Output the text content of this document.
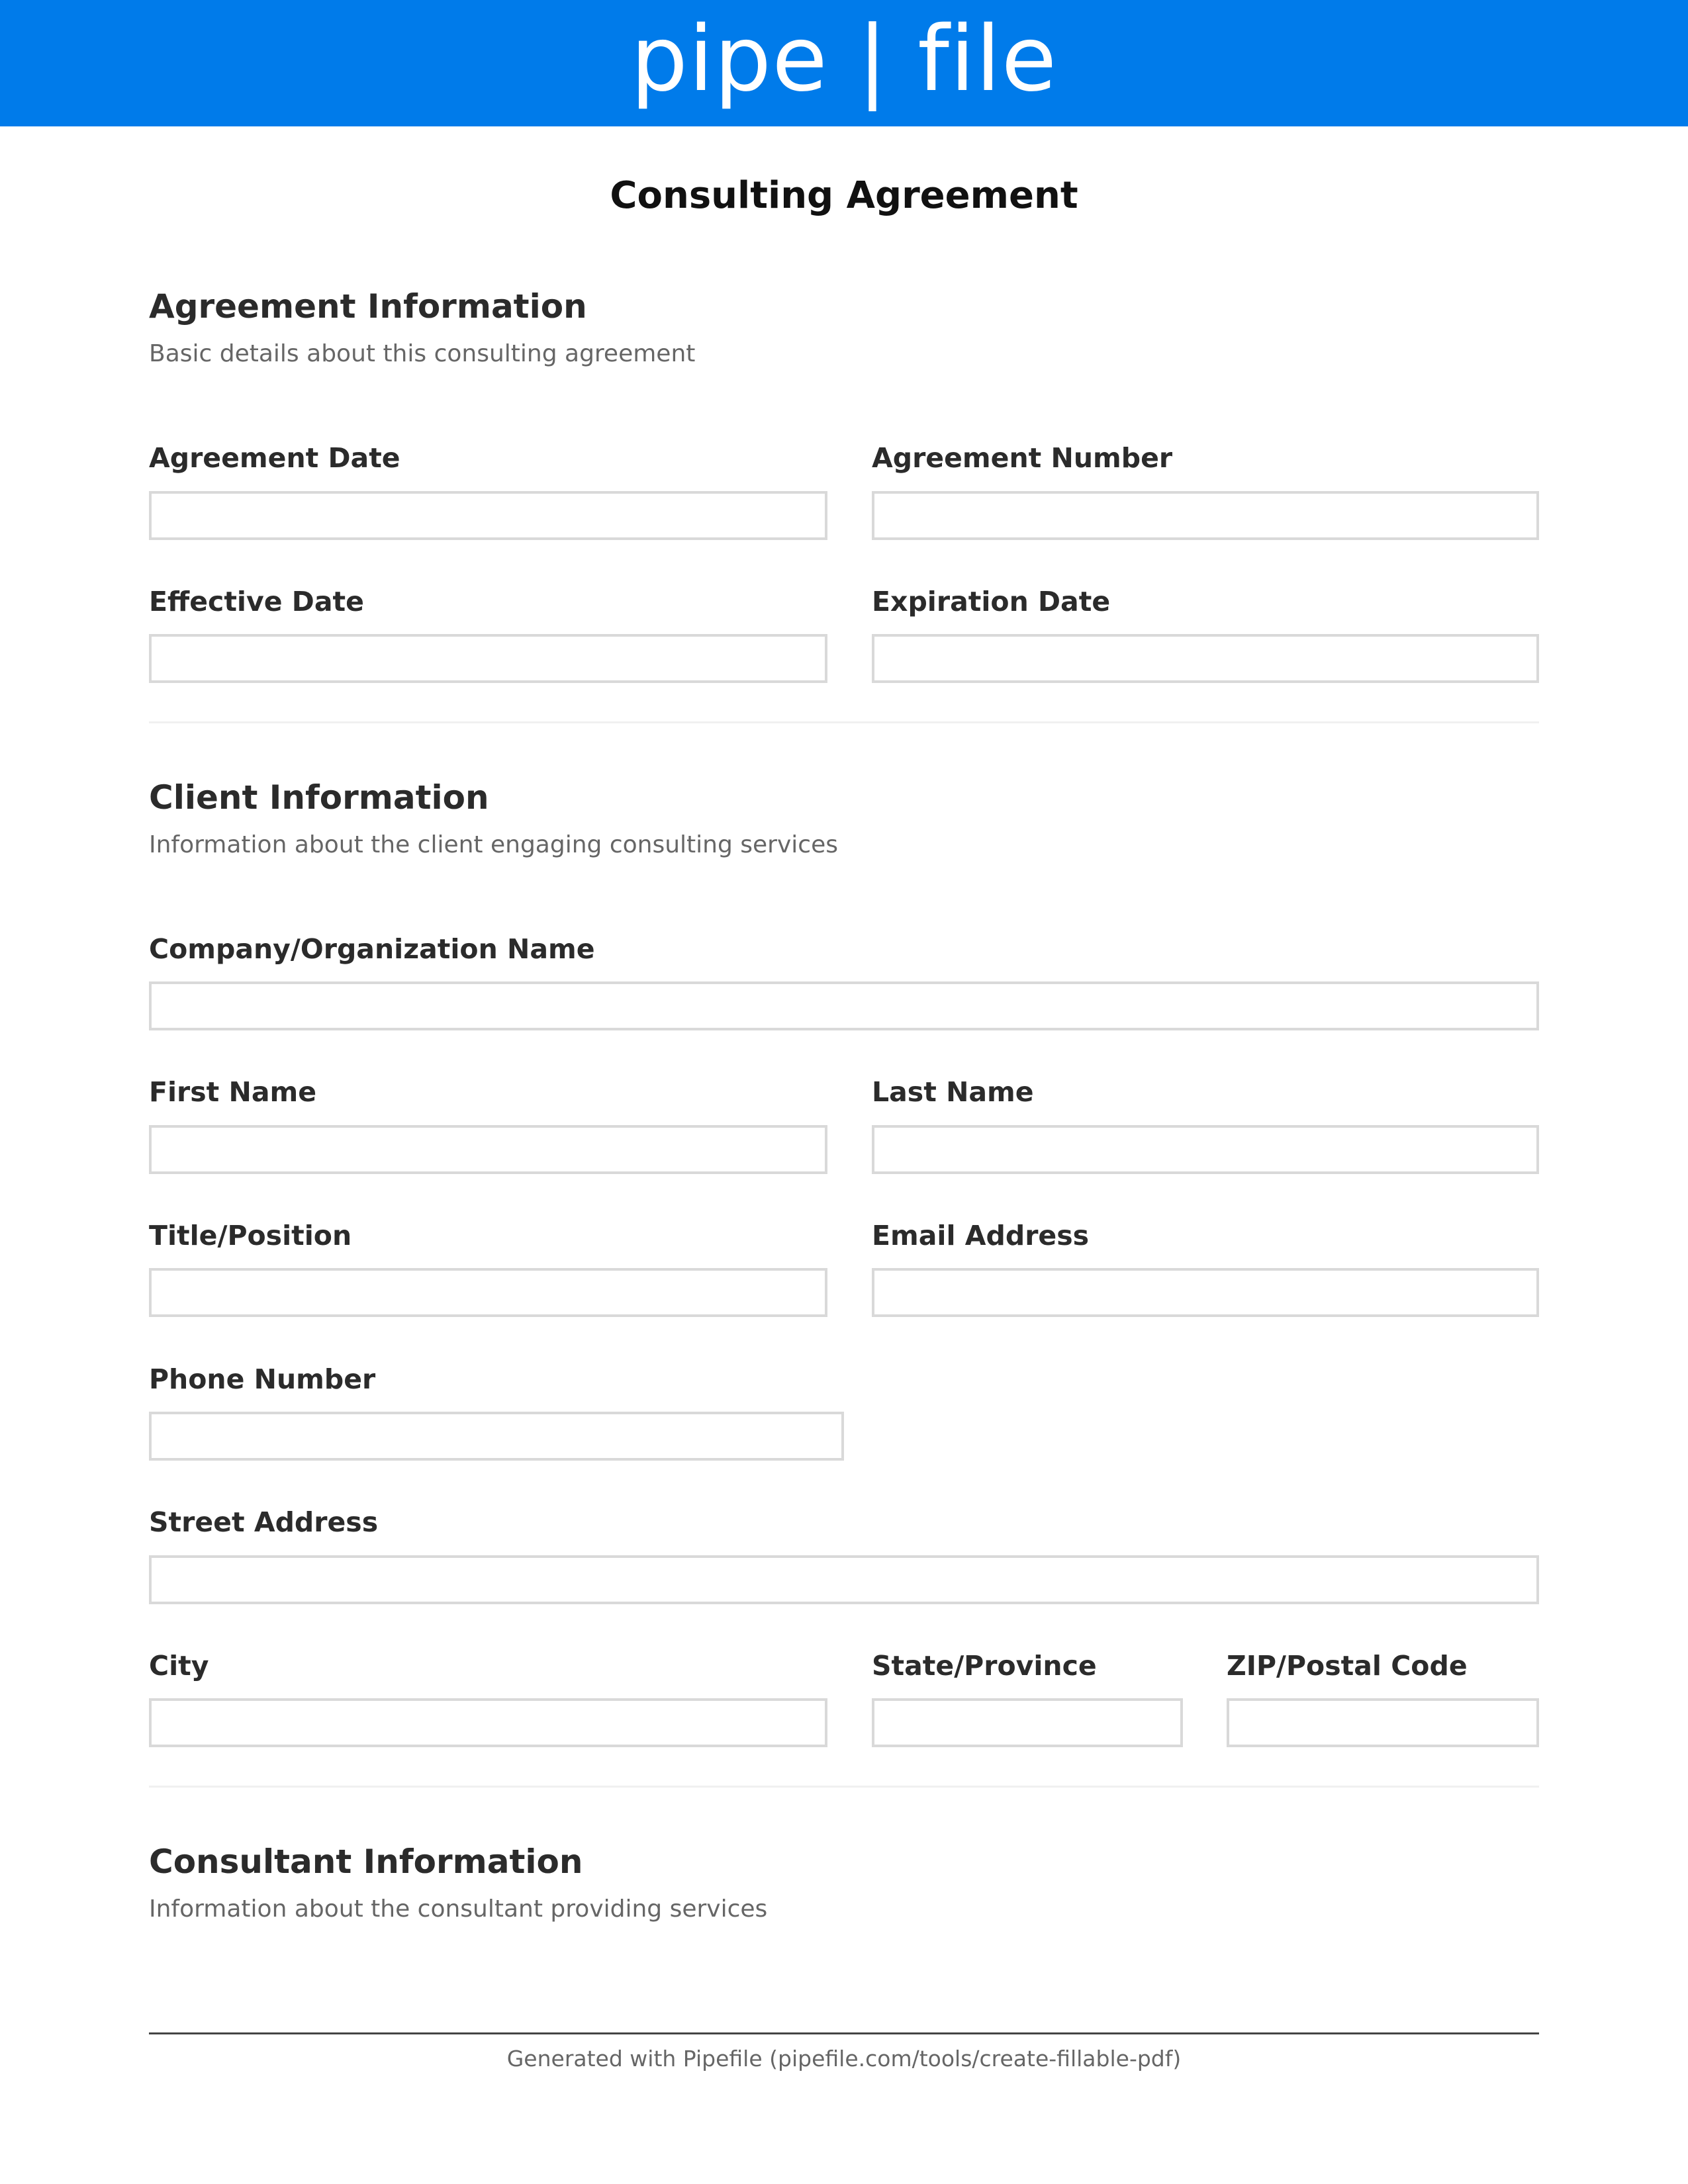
pipe | file
Consulting Agreement
Agreement Information
Basic details about this consulting agreement
Agreement Date	Agreement Number
Effective Date	Expiration Date
Client Information
Information about the client engaging consulting services
Company/Organization Name
First Name	Last Name
Title/Position	Email Address
Phone Number
Street Address
City	State/Province	ZIP/Postal Code
Consultant Information
Information about the consultant providing services
Generated with Pipefile (pipefile.com/tools/create-fillable-pdf)
